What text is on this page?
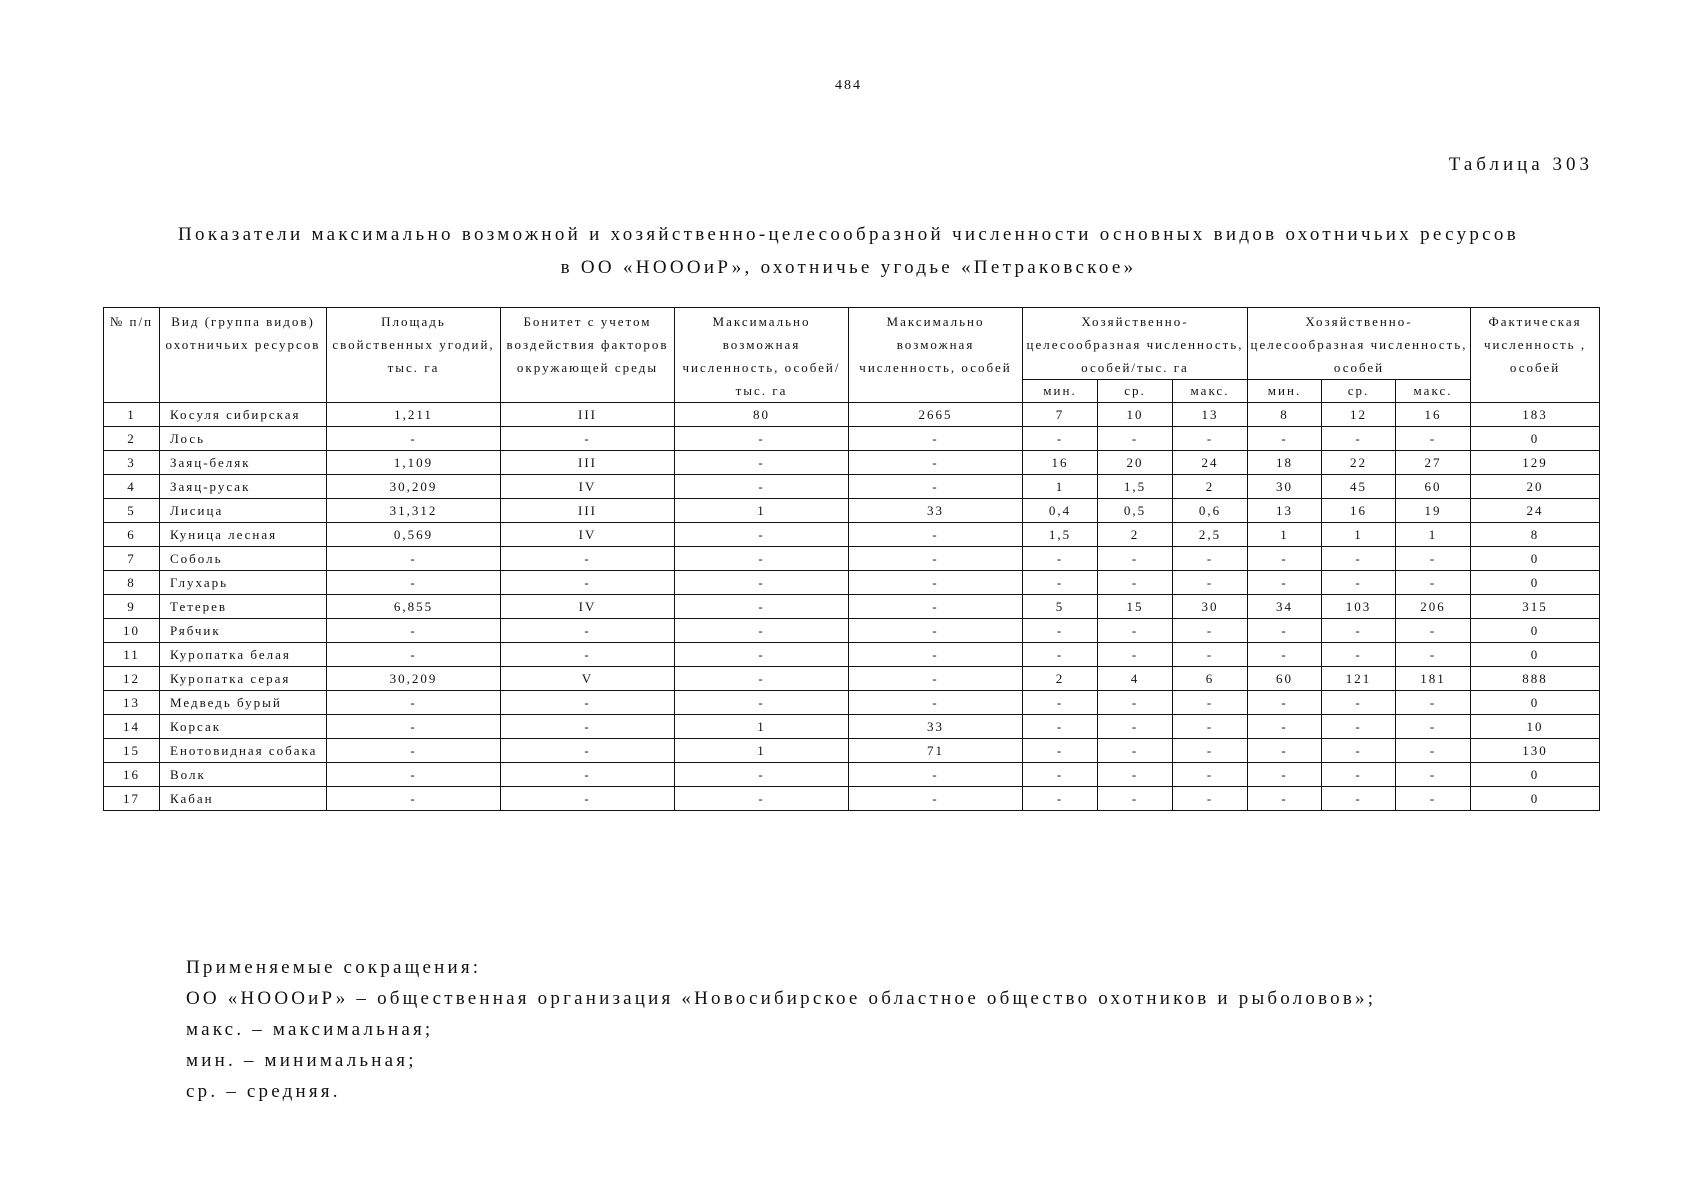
484
Таблица 303
Показатели максимально возможной и хозяйственно-целесообразной численности основных видов охотничьих ресурсов
в ОО «НОООиР», охотничье угодье «Петраковское»
№ п/п	Вид (группа видов) охотничьих ресурсов	Площадь свойственных угодий, тыс. га	Бонитет с учетом воздействия факторов окружающей среды	Максимально возможная численность, особей/тыс. га	Максимально возможная численность, особей	Хозяйственно-целесообразная численность, особей/тыс. га			Хозяйственно-целесообразная численность, особей			Фактическая численность , особей
						мин.	ср.	макс.	мин.	ср.	макс.	
1	Косуля сибирская	1,211	III	80	2665	7	10	13	8	12	16	183
2	Лось	-	-	-	-	-	-	-	-	-	-	0
3	Заяц-беляк	1,109	III	-	-	16	20	24	18	22	27	129
4	Заяц-русак	30,209	IV	-	-	1	1,5	2	30	45	60	20
5	Лисица	31,312	III	1	33	0,4	0,5	0,6	13	16	19	24
6	Куница лесная	0,569	IV	-	-	1,5	2	2,5	1	1	1	8
7	Соболь	-	-	-	-	-	-	-	-	-	-	0
8	Глухарь	-	-	-	-	-	-	-	-	-	-	0
9	Тетерев	6,855	IV	-	-	5	15	30	34	103	206	315
10	Рябчик	-	-	-	-	-	-	-	-	-	-	0
11	Куропатка белая	-	-	-	-	-	-	-	-	-	-	0
12	Куропатка серая	30,209	V	-	-	2	4	6	60	121	181	888
13	Медведь бурый	-	-	-	-	-	-	-	-	-	-	0
14	Корсак	-	-	1	33	-	-	-	-	-	-	10
15	Енотовидная собака	-	-	1	71	-	-	-	-	-	-	130
16	Волк	-	-	-	-	-	-	-	-	-	-	0
17	Кабан	-	-	-	-	-	-	-	-	-	-	0
Применяемые сокращения:
ОО «НОООиР» – общественная организация «Новосибирское областное общество охотников и рыболовов»;
макс. – максимальная;
мин. – минимальная;
ср. – средняя.
